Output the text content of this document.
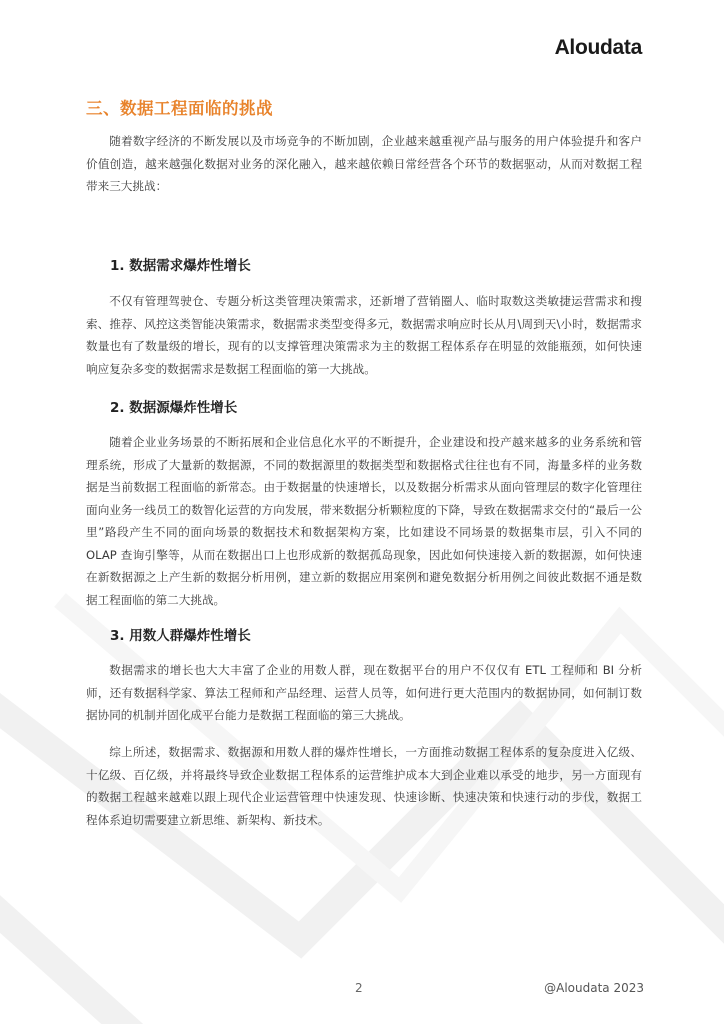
Aloudata
三、数据工程面临的挑战

随着数字经济的不断发展以及市场竞争的不断加剧，企业越来越重视产品与服务的用户体验提升和客户价值创造，越来越强化数据对业务的深化融入，越来越依赖日常经营各个环节的数据驱动，从而对数据工程带来三大挑战：

1. 数据需求爆炸性增长

不仅有管理驾驶仓、专题分析这类管理决策需求，还新增了营销圈人、临时取数这类敏捷运营需求和搜索、推荐、风控这类智能决策需求，数据需求类型变得多元，数据需求响应时长从月\周到天\小时，数据需求数量也有了数量级的增长，现有的以支撑管理决策需求为主的数据工程体系存在明显的效能瓶颈，如何快速响应复杂多变的数据需求是数据工程面临的第一大挑战。

2. 数据源爆炸性增长

随着企业业务场景的不断拓展和企业信息化水平的不断提升，企业建设和投产越来越多的业务系统和管理系统，形成了大量新的数据源，不同的数据源里的数据类型和数据格式往往也有不同，海量多样的业务数据是当前数据工程面临的新常态。由于数据量的快速增长，以及数据分析需求从面向管理层的数字化管理往面向业务一线员工的数智化运营的方向发展，带来数据分析颗粒度的下降，导致在数据需求交付的“最后一公里”路段产生不同的面向场景的数据技术和数据架构方案，比如建设不同场景的数据集市层，引入不同的 OLAP 查询引擎等，从而在数据出口上也形成新的数据孤岛现象，因此如何快速接入新的数据源，如何快速在新数据源之上产生新的数据分析用例，建立新的数据应用案例和避免数据分析用例之间彼此数据不通是数据工程面临的第二大挑战。

3. 用数人群爆炸性增长

数据需求的增长也大大丰富了企业的用数人群，现在数据平台的用户不仅仅有 ETL 工程师和 BI 分析师，还有数据科学家、算法工程师和产品经理、运营人员等，如何进行更大范围内的数据协同，如何制订数据协同的机制并固化成平台能力是数据工程面临的第三大挑战。

综上所述，数据需求、数据源和用数人群的爆炸性增长，一方面推动数据工程体系的复杂度进入亿级、十亿级、百亿级，并将最终导致企业数据工程体系的运营维护成本大到企业难以承受的地步，另一方面现有的数据工程越来越难以跟上现代企业运营管理中快速发现、快速诊断、快速决策和快速行动的步伐，数据工程体系迫切需要建立新思维、新架构、新技术。

2	@Aloudata 2023
